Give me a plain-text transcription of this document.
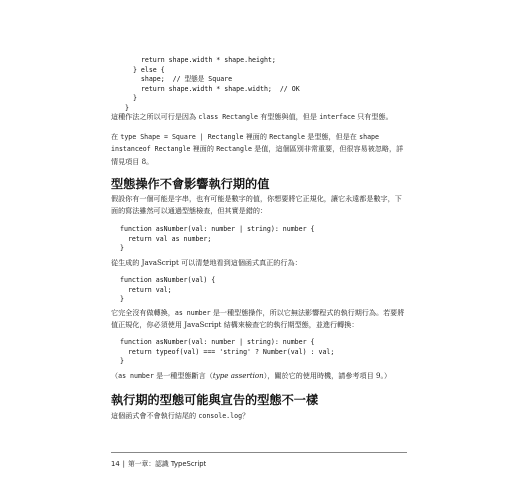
return shape.width * shape.height;
} else {
shape;  // 型態是 Square
return shape.width * shape.width;  // OK
}
}
這種作法之所以可行是因為 class Rectangle 有型態與值，但是 interface 只有型態。
在 type Shape = Square | Rectangle 裡面的 Rectangle 是型態，但是在 shape instanceof Rectangle 裡面的 Rectangle 是值，這個區別非常重要，但很容易被忽略，詳情見項目 8。
型態操作不會影響執行期的值
假設你有一個可能是字串，也有可能是數字的值，你想要將它正規化，讓它永遠都是數字，下面的寫法雖然可以通過型態檢查，但其實是錯的：
function asNumber(val: number | string): number {
return val as number;
}
從生成的 JavaScript 可以清楚地看到這個函式真正的行為：
function asNumber(val) {
return val;
}
它完全沒有做轉換，as number 是一種型態操作，所以它無法影響程式的執行期行為。若要將值正規化，你必須使用 JavaScript 結構來檢查它的執行期型態，並進行轉換：
function asNumber(val: number | string): number {
return typeof(val) === 'string' ? Number(val) : val;
}
（as number 是一種型態斷言（type assertion），關於它的使用時機，請參考項目 9。）
執行期的型態可能與宣告的型態不一樣
這個函式會不會執行結尾的 console.log？
14 | 第一章：認識 TypeScript
